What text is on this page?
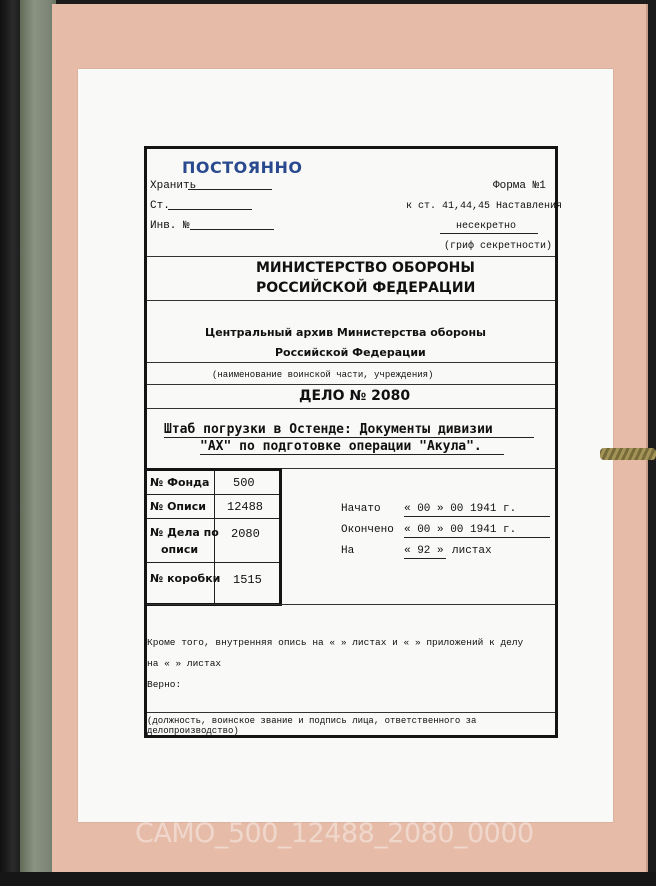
ПОСТОЯННО
Хранить
Ст.
Инв. №
Форма №1
к ст. 41,44,45 Наставления
несекретно
(гриф секретности)
МИНИСТЕРСТВО ОБОРОНЫ
РОССИЙСКОЙ ФЕДЕРАЦИИ
Центральный архив Министерства обороны
Российской Федерации
(наименование воинской части, учреждения)
ДЕЛО № 2080
Штаб погрузки в Остенде: Документы дивизии
"АХ" по подготовке операции "Акула".
№ Фонда 500
№ Описи 12488
№ Дела по
описи
2080
№ коробки 1515
Начато « 00 » 00 1941 г.
Окончено « 00 » 00 1941 г.
На	« 92 » листах
Кроме того, внутренняя опись на « » листах и « » приложений к делу
на « » листах
Верно:
(должность, воинское звание и подпись лица, ответственного за
делопроизводство)
САМО_500_12488_2080_0000
